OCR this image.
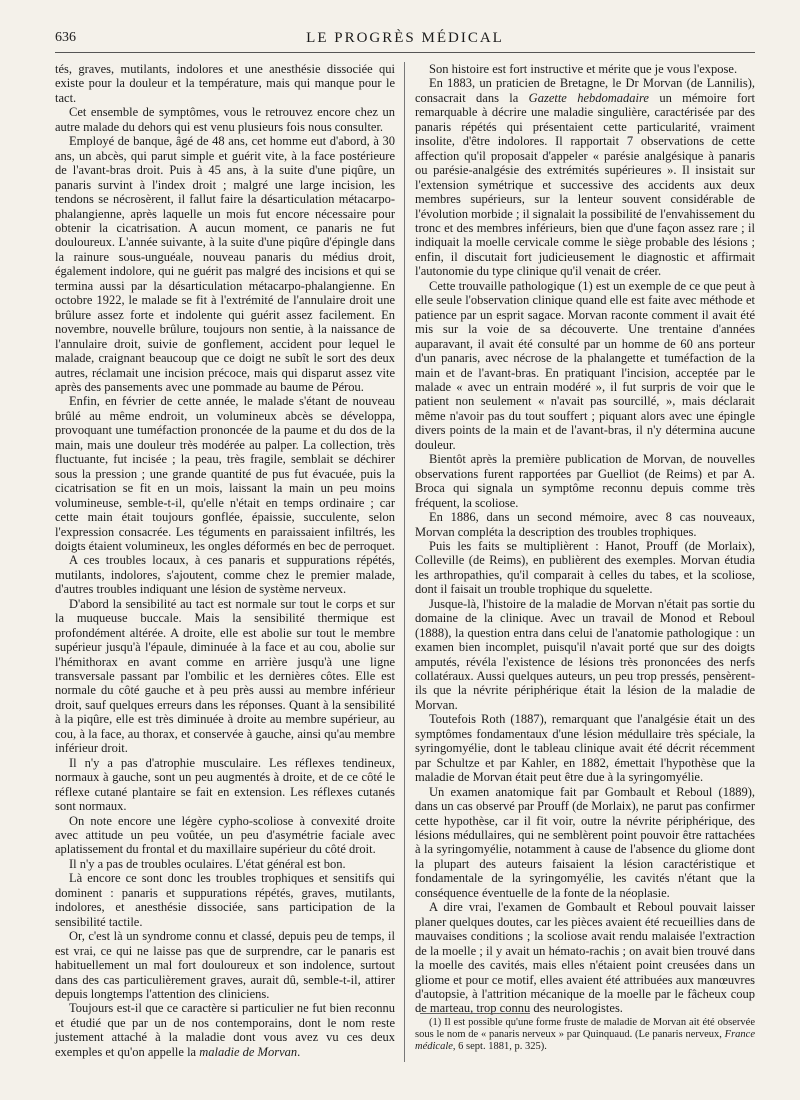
636	LE PROGRÈS MÉDICAL

tés, graves, mutilants, indolores et une anesthésie dissociée qui existe pour la douleur et la température, mais qui manque pour le tact.

Cet ensemble de symptômes, vous le retrouvez encore chez un autre malade du dehors qui est venu plusieurs fois nous consulter.

Employé de banque, âgé de 48 ans, cet homme eut d'abord, à 30 ans, un abcès, qui parut simple et guérit vite, à la face postérieure de l'avant-bras droit. Puis à 45 ans, à la suite d'une piqûre, un panaris survint à l'index droit ; malgré une large incision, les tendons se nécrosèrent, il fallut faire la désarticulation métacarpo-phalangienne, après laquelle un mois fut encore nécessaire pour obtenir la cicatrisation. A aucun moment, ce panaris ne fut douloureux. L'année suivante, à la suite d'une piqûre d'épingle dans la rainure sous-unguéale, nouveau panaris du médius droit, également indolore, qui ne guérit pas malgré des incisions et qui se termina aussi par la désarticulation métacarpo-phalangienne. En octobre 1922, le malade se fit à l'extrémité de l'annulaire droit une brûlure assez forte et indolente qui guérit assez facilement. En novembre, nouvelle brûlure, toujours non sentie, à la naissance de l'annulaire droit, suivie de gonflement, accident pour lequel le malade, craignant beaucoup que ce doigt ne subît le sort des deux autres, réclamait une incision précoce, mais qui disparut assez vite après des pansements avec une pommade au baume de Pérou.

Enfin, en février de cette année, le malade s'étant de nouveau brûlé au même endroit, un volumineux abcès se développa, provoquant une tuméfaction prononcée de la paume et du dos de la main, mais une douleur très modérée au palper. La collection, très fluctuante, fut incisée ; la peau, très fragile, semblait se déchirer sous la pression ; une grande quantité de pus fut évacuée, puis la cicatrisation se fit en un mois, laissant la main un peu moins volumineuse, semble-t-il, qu'elle n'était en temps ordinaire ; car cette main était toujours gonflée, épaissie, succulente, selon l'expression consacrée. Les téguments en paraissaient infiltrés, les doigts étaient volumineux, les ongles déformés en bec de perroquet.

A ces troubles locaux, à ces panaris et suppurations répétés, mutilants, indolores, s'ajoutent, comme chez le premier malade, d'autres troubles indiquant une lésion de système nerveux.

D'abord la sensibilité au tact est normale sur tout le corps et sur la muqueuse buccale. Mais la sensibilité thermique est profondément altérée. A droite, elle est abolie sur tout le membre supérieur jusqu'à l'épaule, diminuée à la face et au cou, abolie sur l'hémithorax en avant comme en arrière jusqu'à une ligne transversale passant par l'ombilic et les dernières côtes. Elle est normale du côté gauche et à peu près aussi au membre inférieur droit, sauf quelques erreurs dans les réponses. Quant à la sensibilité à la piqûre, elle est très diminuée à droite au membre supérieur, au cou, à la face, au thorax, et conservée à gauche, ainsi qu'au membre inférieur droit.

Il n'y a pas d'atrophie musculaire. Les réflexes tendineux, normaux à gauche, sont un peu augmentés à droite, et de ce côté le réflexe cutané plantaire se fait en extension. Les réflexes cutanés sont normaux.

On note encore une légère cypho-scoliose à convexité droite avec attitude un peu voûtée, un peu d'asymétrie faciale avec aplatissement du frontal et du maxillaire supérieur du côté droit.

Il n'y a pas de troubles oculaires. L'état général est bon.

Là encore ce sont donc les troubles trophiques et sensitifs qui dominent : panaris et suppurations répétés, graves, mutilants, indolores, et anesthésie dissociée, sans participation de la sensibilité tactile.

Or, c'est là un syndrome connu et classé, depuis peu de temps, il est vrai, ce qui ne laisse pas que de surprendre, car le panaris est habituellement un mal fort douloureux et son indolence, surtout dans des cas particulièrement graves, aurait dû, semble-t-il, attirer depuis longtemps l'attention des cliniciens.

Toujours est-il que ce caractère si particulier ne fut bien reconnu et étudié que par un de nos contemporains, dont le nom reste justement attaché à la maladie dont vous avez vu ces deux exemples et qu'on appelle la maladie de Morvan.

Son histoire est fort instructive et mérite que je vous l'expose.

En 1883, un praticien de Bretagne, le Dr Morvan (de Lannilis), consacrait dans la Gazette hebdomadaire un mémoire fort remarquable à décrire une maladie singulière, caractérisée par des panaris répétés qui présentaient cette particularité, vraiment insolite, d'être indolores. Il rapportait 7 observations de cette affection qu'il proposait d'appeler « parésie analgésique à panaris ou parésie-analgésie des extrémités supérieures ». Il insistait sur l'extension symétrique et successive des accidents aux deux membres supérieurs, sur la lenteur souvent considérable de l'évolution morbide ; il signalait la possibilité de l'envahissement du tronc et des membres inférieurs, bien que d'une façon assez rare ; il indiquait la moelle cervicale comme le siège probable des lésions ; enfin, il discutait fort judicieusement le diagnostic et affirmait l'autonomie du type clinique qu'il venait de créer.

Cette trouvaille pathologique (1) est un exemple de ce que peut à elle seule l'observation clinique quand elle est faite avec méthode et patience par un esprit sagace. Morvan raconte comment il avait été mis sur la voie de sa découverte. Une trentaine d'années auparavant, il avait été consulté par un homme de 60 ans porteur d'un panaris, avec nécrose de la phalangette et tuméfaction de la main et de l'avant-bras. En pratiquant l'incision, acceptée par le malade « avec un entrain modéré », il fut surpris de voir que le patient non seulement « n'avait pas sourcillé, », mais déclarait même n'avoir pas du tout souffert ; piquant alors avec une épingle divers points de la main et de l'avant-bras, il n'y détermina aucune douleur.

Bientôt après la première publication de Morvan, de nouvelles observations furent rapportées par Guelliot (de Reims) et par A. Broca qui signala un symptôme reconnu depuis comme très fréquent, la scoliose.

En 1886, dans un second mémoire, avec 8 cas nouveaux, Morvan compléta la description des troubles trophiques.

Puis les faits se multiplièrent : Hanot, Prouff (de Morlaix), Colleville (de Reims), en publièrent des exemples. Morvan étudia les arthropathies, qu'il comparait à celles du tabes, et la scoliose, dont il faisait un trouble trophique du squelette.

Jusque-là, l'histoire de la maladie de Morvan n'était pas sortie du domaine de la clinique. Avec un travail de Monod et Reboul (1888), la question entra dans celui de l'anatomie pathologique : un examen bien incomplet, puisqu'il n'avait porté que sur des doigts amputés, révéla l'existence de lésions très prononcées des nerfs collatéraux. Aussi quelques auteurs, un peu trop pressés, pensèrent-ils que la névrite périphérique était la lésion de la maladie de Morvan.

Toutefois Roth (1887), remarquant que l'analgésie était un des symptômes fondamentaux d'une lésion médullaire très spéciale, la syringomyélie, dont le tableau clinique avait été décrit récemment par Schultze et par Kahler, en 1882, émettait l'hypothèse que la maladie de Morvan était peut être due à la syringomyélie.

Un examen anatomique fait par Gombault et Reboul (1889), dans un cas observé par Prouff (de Morlaix), ne parut pas confirmer cette hypothèse, car il fit voir, outre la névrite périphérique, des lésions médullaires, qui ne semblèrent point pouvoir être rattachées à la syringomyélie, notamment à cause de l'absence du gliome dont la plupart des auteurs faisaient la lésion caractéristique et fondamentale de la syringomyélie, les cavités n'étant que la conséquence éventuelle de la fonte de la néoplasie.

A dire vrai, l'examen de Gombault et Reboul pouvait laisser planer quelques doutes, car les pièces avaient été recueillies dans de mauvaises conditions ; la scoliose avait rendu malaisée l'extraction de la moelle ; il y avait un hémato-rachis ; on avait bien trouvé dans la moelle des cavités, mais elles n'étaient point creusées dans un gliome et pour ce motif, elles avaient été attribuées aux manœuvres d'autopsie, à l'attrition mécanique de la moelle par le fâcheux coup de marteau, trop connu des neurologistes.

(1) Il est possible qu'une forme fruste de maladie de Morvan ait été observée sous le nom de « panaris nerveux » par Quinquaud. (Le panaris nerveux, France médicale, 6 sept. 1881, p. 325).
